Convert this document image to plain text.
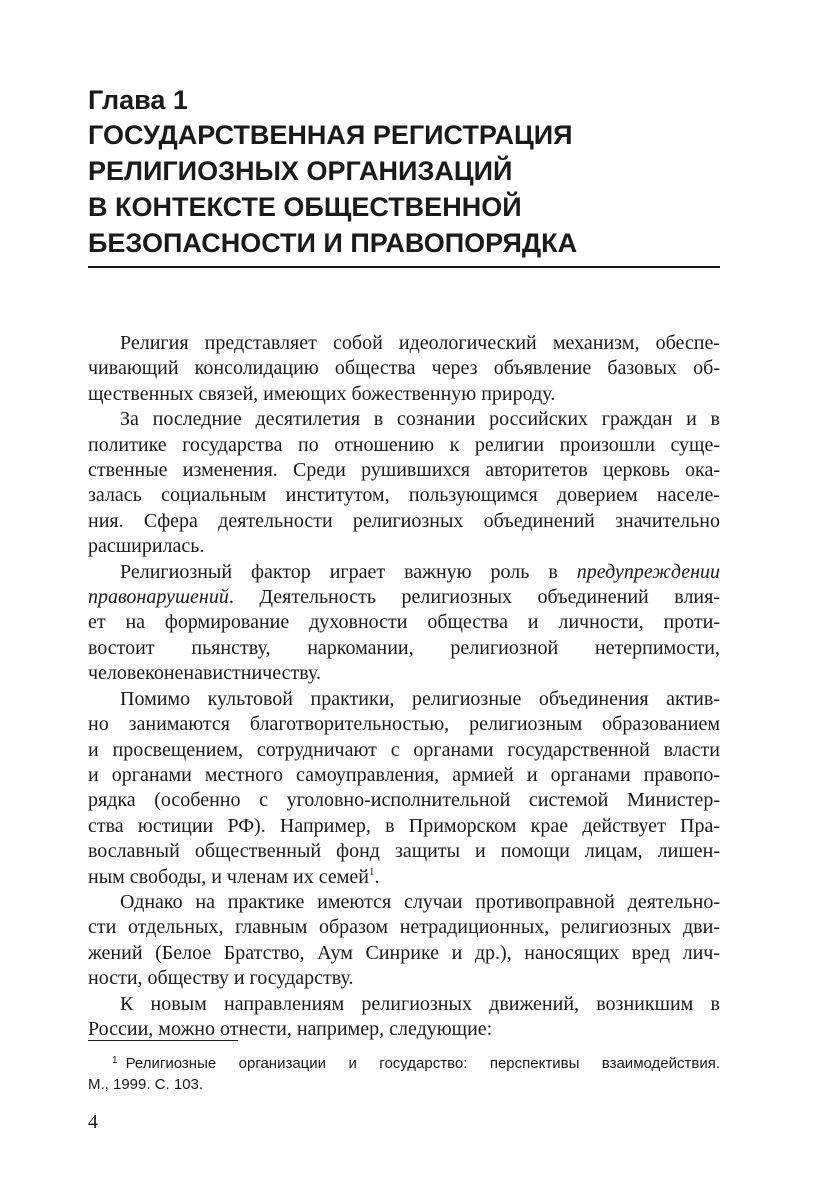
Глава 1
ГОСУДАРСТВЕННАЯ РЕГИСТРАЦИЯ
РЕЛИГИОЗНЫХ ОРГАНИЗАЦИЙ
В КОНТЕКСТЕ ОБЩЕСТВЕННОЙ
БЕЗОПАСНОСТИ И ПРАВОПОРЯДКА

Религия представляет собой идеологический механизм, обеспе-
чивающий консолидацию общества через объявление базовых об-
щественных связей, имеющих божественную природу.

За последние десятилетия в сознании российских граждан и в
политике государства по отношению к религии произошли суще-
ственные изменения. Среди рушившихся авторитетов церковь ока-
залась социальным институтом, пользующимся доверием населе-
ния. Сфера деятельности религиозных объединений значительно
расширилась.

Религиозный фактор играет важную роль в предупреждении
правонарушений. Деятельность религиозных объединений влия-
ет на формирование духовности общества и личности, проти-
востоит пьянству, наркомании, религиозной нетерпимости,
человеконенавистничеству.

Помимо культовой практики, религиозные объединения актив-
но занимаются благотворительностью, религиозным образованием
и просвещением, сотрудничают с органами государственной власти
и органами местного самоуправления, армией и органами правопо-
рядка (особенно с уголовно-исполнительной системой Министер-
ства юстиции РФ). Например, в Приморском крае действует Пра-
вославный общественный фонд защиты и помощи лицам, лишен-
ным свободы, и членам их семей$^1$.

Однако на практике имеются случаи противоправной деятельно-
сти отдельных, главным образом нетрадиционных, религиозных дви-
жений (Белое Братство, Аум Синрике и др.), наносящих вред лич-
ности, обществу и государству.

К новым направлениям религиозных движений, возникшим в
России, можно отнести, например, следующие:

$^1$ Религиозные организации и государство: перспективы взаимодействия.
М., 1999. С. 103.
4
